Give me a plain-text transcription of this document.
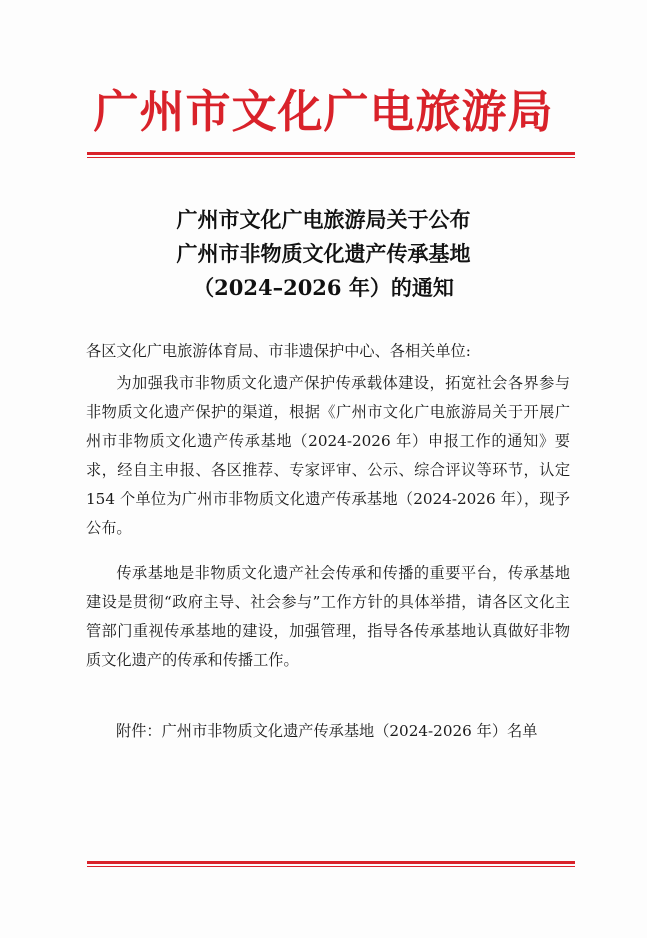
广州市文化广电旅游局
广州市文化广电旅游局关于公布
广州市非物质文化遗产传承基地
（2024–2026 年）的通知
各区文化广电旅游体育局、市非遗保护中心、各相关单位:

为加强我市非物质文化遗产保护传承载体建设，拓宽社会各界参与非物质文化遗产保护的渠道，根据《广州市文化广电旅游局关于开展广州市非物质文化遗产传承基地（2024-2026 年）申报工作的通知》要求，经自主申报、各区推荐、专家评审、公示、综合评议等环节，认定 154 个单位为广州市非物质文化遗产传承基地（2024-2026 年），现予公布。

传承基地是非物质文化遗产社会传承和传播的重要平台，传承基地建设是贯彻“政府主导、社会参与”工作方针的具体举措，请各区文化主管部门重视传承基地的建设，加强管理，指导各传承基地认真做好非物质文化遗产的传承和传播工作。

附件：广州市非物质文化遗产传承基地（2024-2026 年）名单
